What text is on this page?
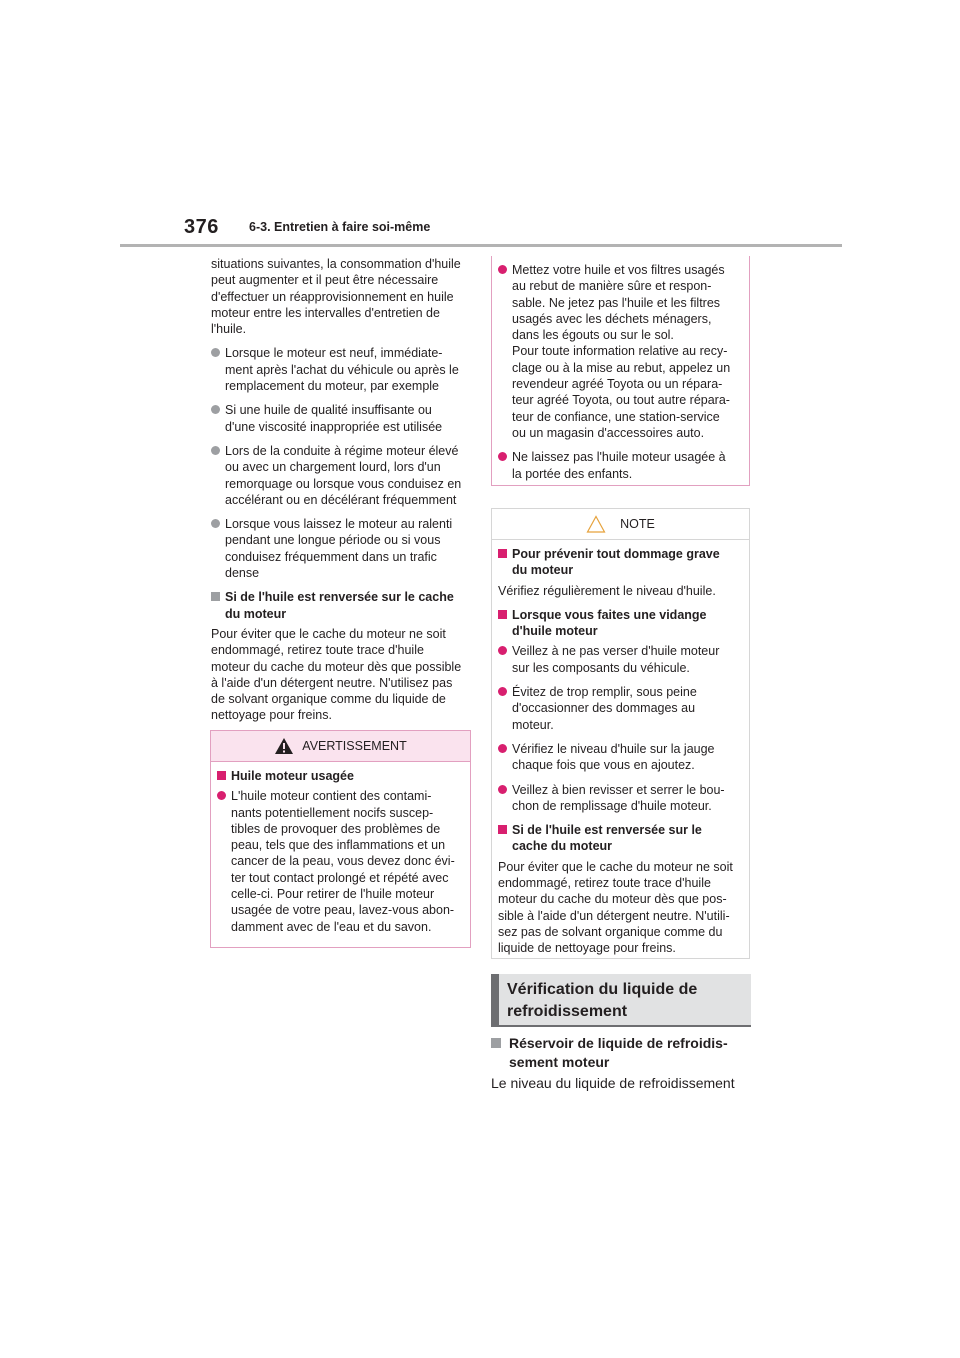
376 6-3. Entretien à faire soi-même
situations suivantes, la consommation d'huile
peut augmenter et il peut être nécessaire
d'effectuer un réapprovisionnement en huile
moteur entre les intervalles d'entretien de
l'huile.
Lorsque le moteur est neuf, immédiate-
ment après l'achat du véhicule ou après le
remplacement du moteur, par exemple
Si une huile de qualité insuffisante ou
d'une viscosité inappropriée est utilisée
Lors de la conduite à régime moteur élevé
ou avec un chargement lourd, lors d'un
remorquage ou lorsque vous conduisez en
accélérant ou en décélérant fréquemment
Lorsque vous laissez le moteur au ralenti
pendant une longue période ou si vous
conduisez fréquemment dans un trafic
dense
Si de l'huile est renversée sur le cache
du moteur
Pour éviter que le cache du moteur ne soit
endommagé, retirez toute trace d'huile
moteur du cache du moteur dès que possible
à l'aide d'un détergent neutre. N'utilisez pas
de solvant organique comme du liquide de
nettoyage pour freins.
AVERTISSEMENT
Huile moteur usagée
L'huile moteur contient des contami-
nants potentiellement nocifs suscep-
tibles de provoquer des problèmes de
peau, tels que des inflammations et un
cancer de la peau, vous devez donc évi-
ter tout contact prolongé et répété avec
celle-ci. Pour retirer de l'huile moteur
usagée de votre peau, lavez-vous abon-
damment avec de l'eau et du savon.
Mettez votre huile et vos filtres usagés
au rebut de manière sûre et respon-
sable. Ne jetez pas l'huile et les filtres
usagés avec les déchets ménagers,
dans les égouts ou sur le sol.
Pour toute information relative au recy-
clage ou à la mise au rebut, appelez un
revendeur agréé Toyota ou un répara-
teur agréé Toyota, ou tout autre répara-
teur de confiance, une station-service
ou un magasin d'accessoires auto.
Ne laissez pas l'huile moteur usagée à
la portée des enfants.
NOTE
Pour prévenir tout dommage grave
du moteur
Vérifiez régulièrement le niveau d'huile.
Lorsque vous faites une vidange
d'huile moteur
Veillez à ne pas verser d'huile moteur
sur les composants du véhicule.
Évitez de trop remplir, sous peine
d'occasionner des dommages au
moteur.
Vérifiez le niveau d'huile sur la jauge
chaque fois que vous en ajoutez.
Veillez à bien revisser et serrer le bou-
chon de remplissage d'huile moteur.
Si de l'huile est renversée sur le
cache du moteur
Pour éviter que le cache du moteur ne soit
endommagé, retirez toute trace d'huile
moteur du cache du moteur dès que pos-
sible à l'aide d'un détergent neutre. N'utili-
sez pas de solvant organique comme du
liquide de nettoyage pour freins.
Vérification du liquide de
refroidissement
Réservoir de liquide de refroidis-
sement moteur
Le niveau du liquide de refroidissement
